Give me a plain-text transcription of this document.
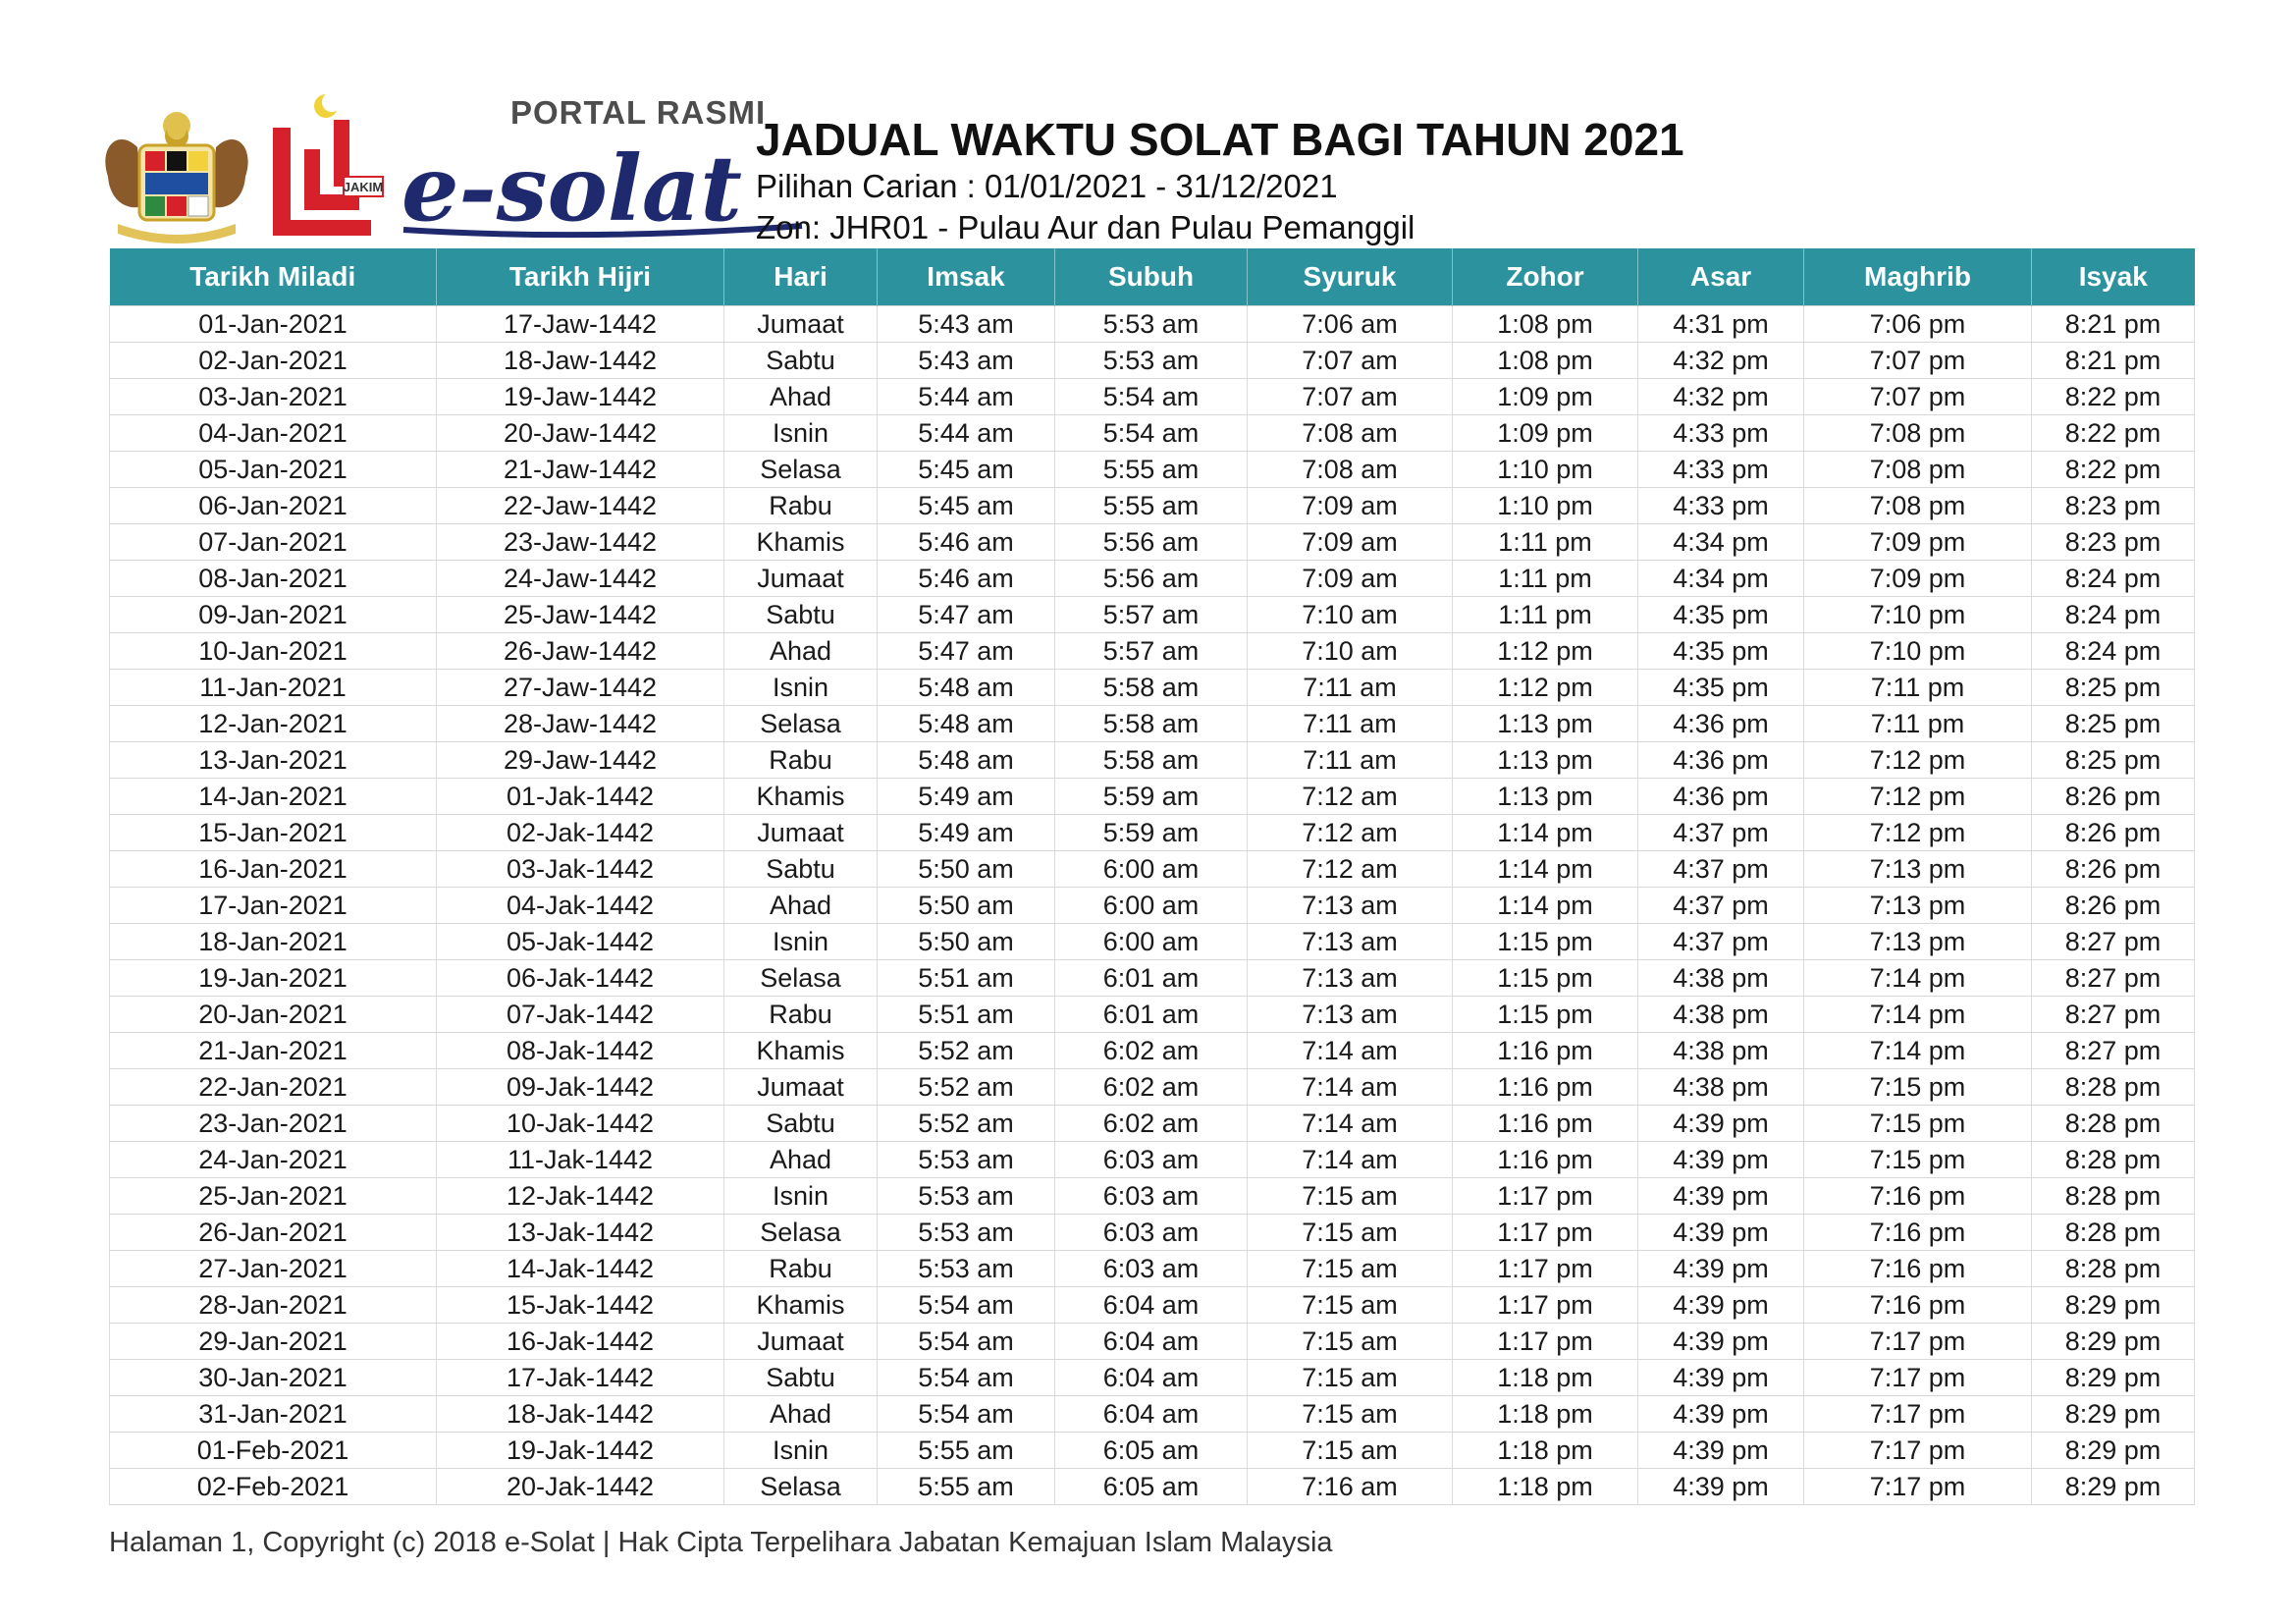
JAKIM
PORTAL RASMI
e-solat JADUAL WAKTU SOLAT BAGI TAHUN 2021
Pilihan Carian : 01/01/2021 - 31/12/2021
Zon: JHR01 - Pulau Aur dan Pulau Pemanggil
Tarikh Miladi	Tarikh Hijri	Hari	Imsak	Subuh	Syuruk	Zohor	Asar	Maghrib	Isyak
01-Jan-2021	17-Jaw-1442	Jumaat	5:43 am	5:53 am	7:06 am	1:08 pm	4:31 pm	7:06 pm	8:21 pm
02-Jan-2021	18-Jaw-1442	Sabtu	5:43 am	5:53 am	7:07 am	1:08 pm	4:32 pm	7:07 pm	8:21 pm
03-Jan-2021	19-Jaw-1442	Ahad	5:44 am	5:54 am	7:07 am	1:09 pm	4:32 pm	7:07 pm	8:22 pm
04-Jan-2021	20-Jaw-1442	Isnin	5:44 am	5:54 am	7:08 am	1:09 pm	4:33 pm	7:08 pm	8:22 pm
05-Jan-2021	21-Jaw-1442	Selasa	5:45 am	5:55 am	7:08 am	1:10 pm	4:33 pm	7:08 pm	8:22 pm
06-Jan-2021	22-Jaw-1442	Rabu	5:45 am	5:55 am	7:09 am	1:10 pm	4:33 pm	7:08 pm	8:23 pm
07-Jan-2021	23-Jaw-1442	Khamis	5:46 am	5:56 am	7:09 am	1:11 pm	4:34 pm	7:09 pm	8:23 pm
08-Jan-2021	24-Jaw-1442	Jumaat	5:46 am	5:56 am	7:09 am	1:11 pm	4:34 pm	7:09 pm	8:24 pm
09-Jan-2021	25-Jaw-1442	Sabtu	5:47 am	5:57 am	7:10 am	1:11 pm	4:35 pm	7:10 pm	8:24 pm
10-Jan-2021	26-Jaw-1442	Ahad	5:47 am	5:57 am	7:10 am	1:12 pm	4:35 pm	7:10 pm	8:24 pm
11-Jan-2021	27-Jaw-1442	Isnin	5:48 am	5:58 am	7:11 am	1:12 pm	4:35 pm	7:11 pm	8:25 pm
12-Jan-2021	28-Jaw-1442	Selasa	5:48 am	5:58 am	7:11 am	1:13 pm	4:36 pm	7:11 pm	8:25 pm
13-Jan-2021	29-Jaw-1442	Rabu	5:48 am	5:58 am	7:11 am	1:13 pm	4:36 pm	7:12 pm	8:25 pm
14-Jan-2021	01-Jak-1442	Khamis	5:49 am	5:59 am	7:12 am	1:13 pm	4:36 pm	7:12 pm	8:26 pm
15-Jan-2021	02-Jak-1442	Jumaat	5:49 am	5:59 am	7:12 am	1:14 pm	4:37 pm	7:12 pm	8:26 pm
16-Jan-2021	03-Jak-1442	Sabtu	5:50 am	6:00 am	7:12 am	1:14 pm	4:37 pm	7:13 pm	8:26 pm
17-Jan-2021	04-Jak-1442	Ahad	5:50 am	6:00 am	7:13 am	1:14 pm	4:37 pm	7:13 pm	8:26 pm
18-Jan-2021	05-Jak-1442	Isnin	5:50 am	6:00 am	7:13 am	1:15 pm	4:37 pm	7:13 pm	8:27 pm
19-Jan-2021	06-Jak-1442	Selasa	5:51 am	6:01 am	7:13 am	1:15 pm	4:38 pm	7:14 pm	8:27 pm
20-Jan-2021	07-Jak-1442	Rabu	5:51 am	6:01 am	7:13 am	1:15 pm	4:38 pm	7:14 pm	8:27 pm
21-Jan-2021	08-Jak-1442	Khamis	5:52 am	6:02 am	7:14 am	1:16 pm	4:38 pm	7:14 pm	8:27 pm
22-Jan-2021	09-Jak-1442	Jumaat	5:52 am	6:02 am	7:14 am	1:16 pm	4:38 pm	7:15 pm	8:28 pm
23-Jan-2021	10-Jak-1442	Sabtu	5:52 am	6:02 am	7:14 am	1:16 pm	4:39 pm	7:15 pm	8:28 pm
24-Jan-2021	11-Jak-1442	Ahad	5:53 am	6:03 am	7:14 am	1:16 pm	4:39 pm	7:15 pm	8:28 pm
25-Jan-2021	12-Jak-1442	Isnin	5:53 am	6:03 am	7:15 am	1:17 pm	4:39 pm	7:16 pm	8:28 pm
26-Jan-2021	13-Jak-1442	Selasa	5:53 am	6:03 am	7:15 am	1:17 pm	4:39 pm	7:16 pm	8:28 pm
27-Jan-2021	14-Jak-1442	Rabu	5:53 am	6:03 am	7:15 am	1:17 pm	4:39 pm	7:16 pm	8:28 pm
28-Jan-2021	15-Jak-1442	Khamis	5:54 am	6:04 am	7:15 am	1:17 pm	4:39 pm	7:16 pm	8:29 pm
29-Jan-2021	16-Jak-1442	Jumaat	5:54 am	6:04 am	7:15 am	1:17 pm	4:39 pm	7:17 pm	8:29 pm
30-Jan-2021	17-Jak-1442	Sabtu	5:54 am	6:04 am	7:15 am	1:18 pm	4:39 pm	7:17 pm	8:29 pm
31-Jan-2021	18-Jak-1442	Ahad	5:54 am	6:04 am	7:15 am	1:18 pm	4:39 pm	7:17 pm	8:29 pm
01-Feb-2021	19-Jak-1442	Isnin	5:55 am	6:05 am	7:15 am	1:18 pm	4:39 pm	7:17 pm	8:29 pm
02-Feb-2021	20-Jak-1442	Selasa	5:55 am	6:05 am	7:16 am	1:18 pm	4:39 pm	7:17 pm	8:29 pm
Halaman 1, Copyright (c) 2018 e-Solat | Hak Cipta Terpelihara Jabatan Kemajuan Islam Malaysia
